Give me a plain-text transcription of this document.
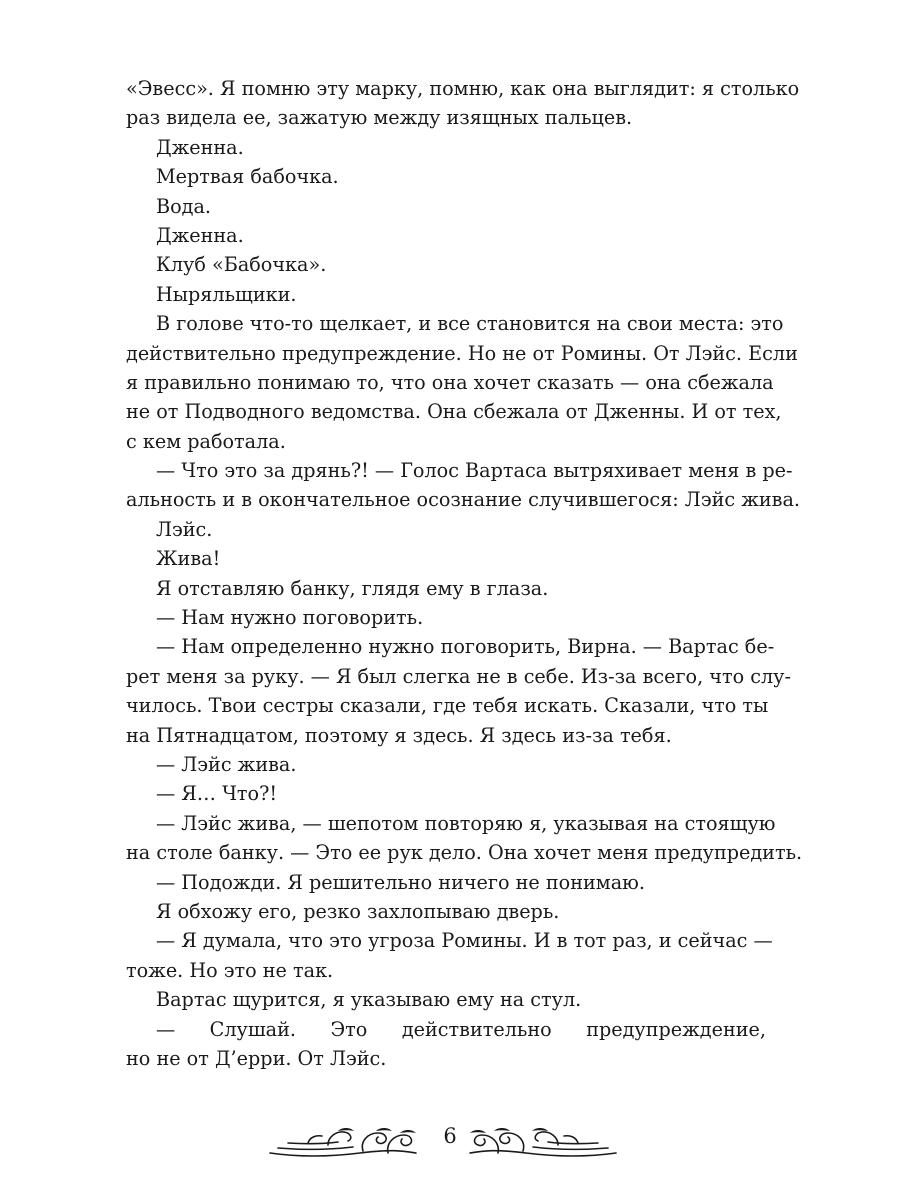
«Эвесс». Я помню эту марку, помню, как она выглядит: я столько
раз видела ее, зажатую между изящных пальцев.
Дженна.
Мертвая бабочка.
Вода.
Дженна.
Клуб «Бабочка».
Ныряльщики.
В голове что-то щелкает, и все становится на свои места: это
действительно предупреждение. Но не от Ромины. От Лэйс. Если
я правильно понимаю то, что она хочет сказать — она сбежала
не от Подводного ведомства. Она сбежала от Дженны. И от тех,
с кем работала.
— Что это за дрянь?! — Голос Вартаса вытряхивает меня в ре-
альность и в окончательное осознание случившегося: Лэйс жива.
Лэйс.
Жива!
Я отставляю банку, глядя ему в глаза.
— Нам нужно поговорить.
— Нам определенно нужно поговорить, Вирна. — Вартас бе-
рет меня за руку. — Я был слегка не в себе. Из-за всего, что слу-
чилось. Твои сестры сказали, где тебя искать. Сказали, что ты
на Пятнадцатом, поэтому я здесь. Я здесь из-за тебя.
— Лэйс жива.
— Я… Что?!
— Лэйс жива, — шепотом повторяю я, указывая на стоящую
на столе банку. — Это ее рук дело. Она хочет меня предупредить.
— Подожди. Я решительно ничего не понимаю.
Я обхожу его, резко захлопываю дверь.
— Я думала, что это угроза Ромины. И в тот раз, и сейчас —
тоже. Но это не так.
Вартас щурится, я указываю ему на стул.
— Слушай. Это действительно предупреждение,
но не от Д’ерри. От Лэйс.
6
